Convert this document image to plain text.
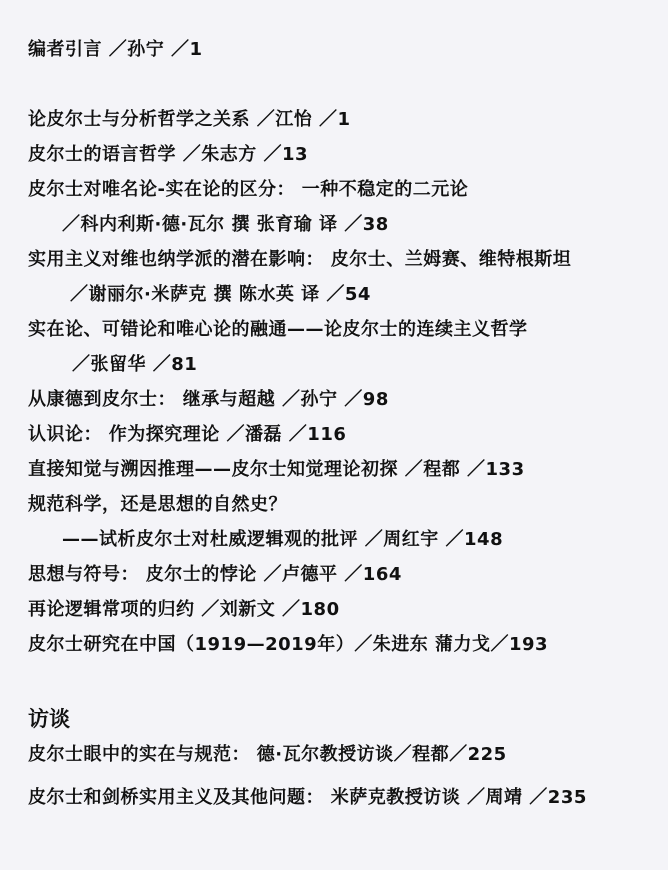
编者引言 ／孙宁 ／1
论皮尔士与分析哲学之关系 ／江怡 ／1
皮尔士的语言哲学 ／朱志方 ／13
皮尔士对唯名论-实在论的区分： 一种不稳定的二元论
／科内利斯·德·瓦尔 撰 张育瑜 译 ／38
实用主义对维也纳学派的潜在影响： 皮尔士、兰姆赛、维特根斯坦
／谢丽尔·米萨克 撰 陈水英 译 ／54
实在论、可错论和唯心论的融通——论皮尔士的连续主义哲学
／张留华 ／81
从康德到皮尔士： 继承与超越 ／孙宁 ／98
认识论： 作为探究理论 ／潘磊 ／116
直接知觉与溯因推理——皮尔士知觉理论初探 ／程都 ／133
规范科学，还是思想的自然史？
——试析皮尔士对杜威逻辑观的批评 ／周红宇 ／148
思想与符号： 皮尔士的悖论 ／卢德平 ／164
再论逻辑常项的归约 ／刘新文 ／180
皮尔士研究在中国（1919—2019年）／朱进东 蒲力戈／193
访谈
皮尔士眼中的实在与规范： 德·瓦尔教授访谈／程都／225
皮尔士和剑桥实用主义及其他问题： 米萨克教授访谈 ／周靖 ／235
